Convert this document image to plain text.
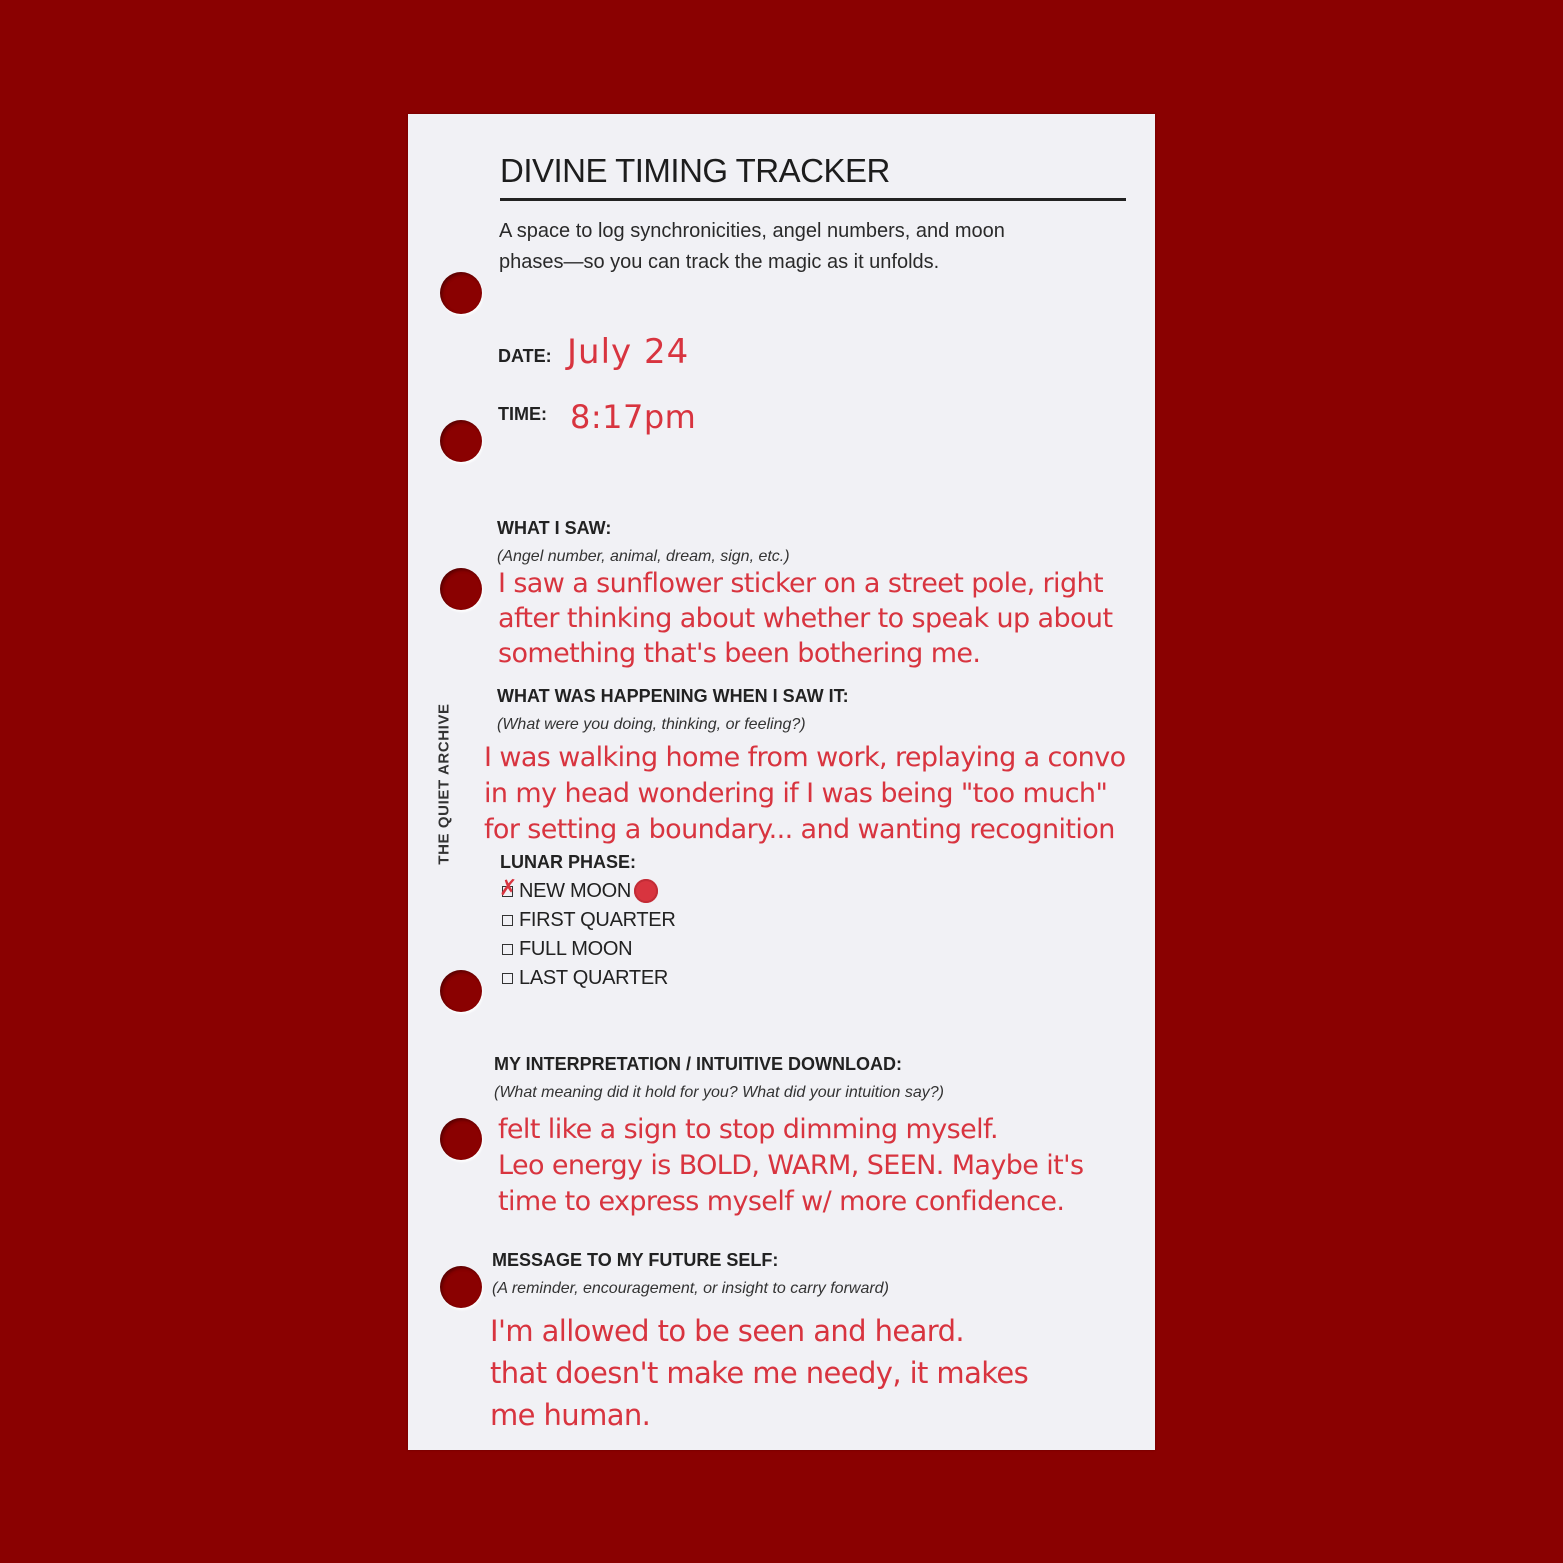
THE QUIET ARCHIVE
DIVINE TIMING TRACKER
A space to log synchronicities, angel numbers, and moon
phases—so you can track the magic as it unfolds.
DATE: July 24
TIME: 8:17pm
WHAT I SAW:
(Angel number, animal, dream, sign, etc.)
I saw a sunflower sticker on a street pole, right
after thinking about whether to speak up about
something that's been bothering me.
WHAT WAS HAPPENING WHEN I SAW IT:
(What were you doing, thinking, or feeling?)
I was walking home from work, replaying a convo
in my head wondering if I was being "too much"
for setting a boundary... and wanting recognition
LUNAR PHASE:
✗ NEW MOON
FIRST QUARTER
FULL MOON
LAST QUARTER
MY INTERPRETATION / INTUITIVE DOWNLOAD:
(What meaning did it hold for you? What did your intuition say?)
felt like a sign to stop dimming myself.
Leo energy is BOLD, WARM, SEEN. Maybe it's
time to express myself w/ more confidence.
MESSAGE TO MY FUTURE SELF:
(A reminder, encouragement, or insight to carry forward)
I'm allowed to be seen and heard.
that doesn't make me needy, it makes
me human.
